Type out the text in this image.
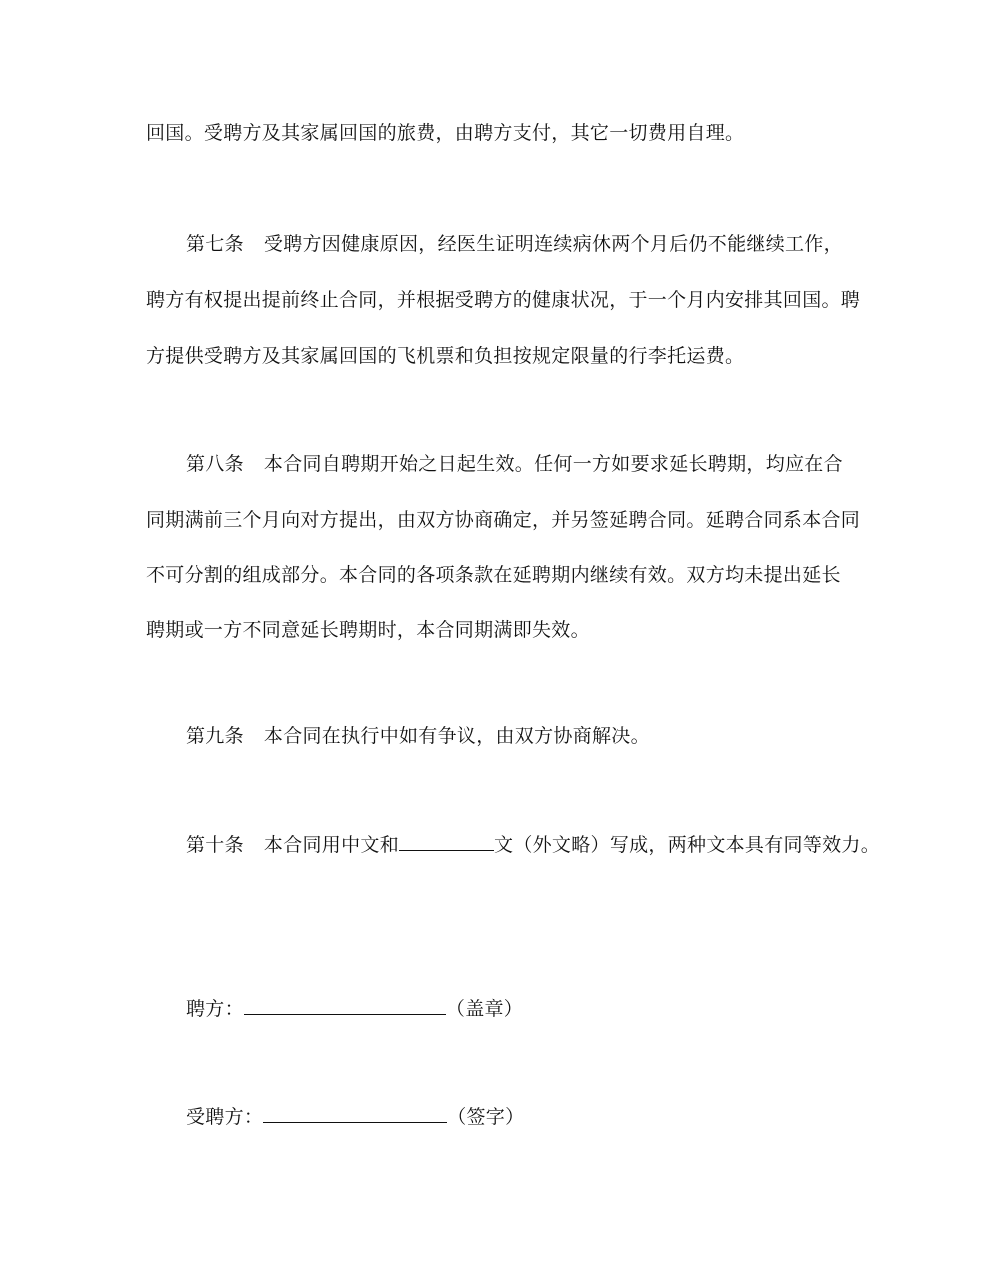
回国。受聘方及其家属回国的旅费，由聘方支付，其它一切费用自理。
第七条 受聘方因健康原因，经医生证明连续病休两个月后仍不能继续工作，
聘方有权提出提前终止合同，并根据受聘方的健康状况，于一个月内安排其回国。聘
方提供受聘方及其家属回国的飞机票和负担按规定限量的行李托运费。
第八条 本合同自聘期开始之日起生效。任何一方如要求延长聘期，均应在合
同期满前三个月向对方提出，由双方协商确定，并另签延聘合同。延聘合同系本合同
不可分割的组成部分。本合同的各项条款在延聘期内继续有效。双方均未提出延长
聘期或一方不同意延长聘期时，本合同期满即失效。
第九条 本合同在执行中如有争议，由双方协商解决。
第十条 本合同用中文和	文（外文略）写成，两种文本具有同等效力。
聘方：	（盖章）
受聘方：	（签字）
